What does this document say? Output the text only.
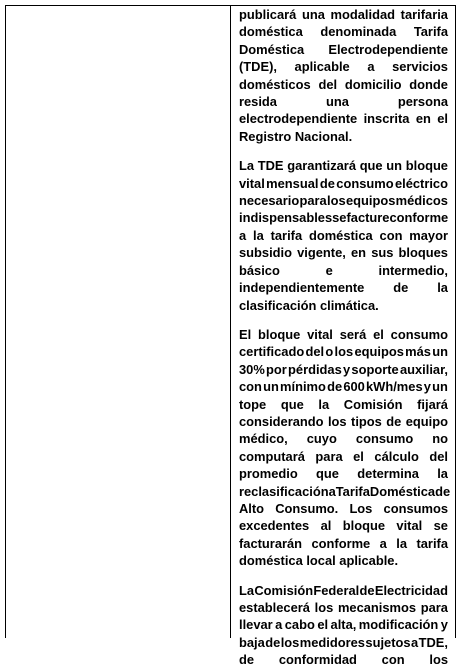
publicará una modalidad tarifaria
doméstica denominada Tarifa
Doméstica Electrodependiente
(TDE), aplicable a servicios
domésticos del domicilio donde
resida	una	persona
electrodependiente inscrita en el
Registro Nacional.

La TDE garantizará que un bloque
vital mensual de consumo eléctrico
necesario para los equipos médicos
indispensables se facture conforme
a la tarifa doméstica con mayor
subsidio vigente, en sus bloques
básico	e	intermedio,
independientemente de la
clasificación climática.

El bloque vital será el consumo
certificado del o los equipos más un
30% por pérdidas y soporte auxiliar,
con un mínimo de 600 kWh/mes y un
tope que la Comisión fijará
considerando los tipos de equipo
médico, cuyo consumo no
computará para el cálculo del
promedio que determina la
reclasificación a Tarifa Doméstica de
Alto Consumo. Los consumos
excedentes al bloque vital se
facturarán conforme a la tarifa
doméstica local aplicable.

La Comisión Federal de Electricidad
establecerá los mecanismos para
llevar a cabo el alta, modificación y
baja de los medidores sujetos a TDE,
de conformidad con los
